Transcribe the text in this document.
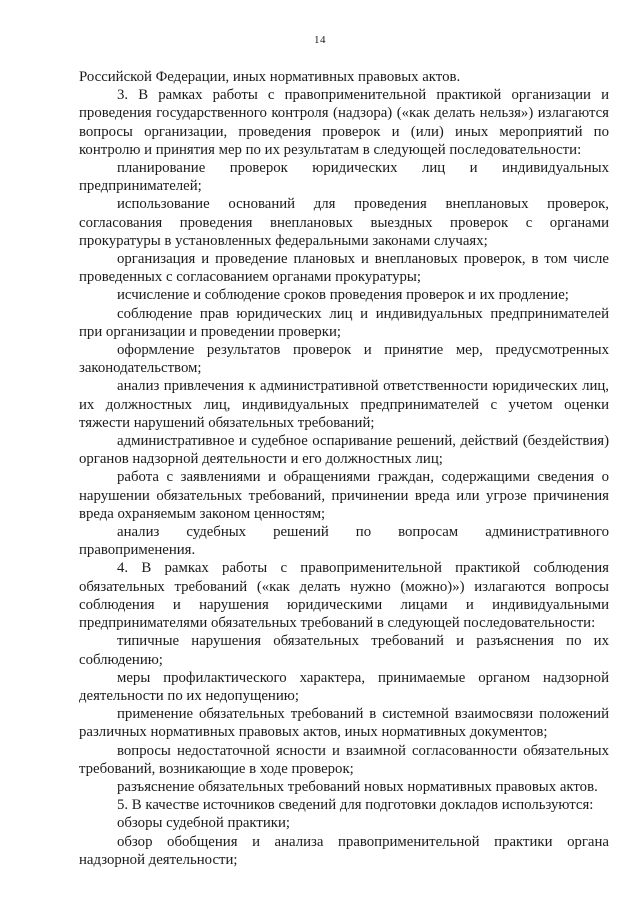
14

Российской Федерации, иных нормативных правовых актов.

3. В рамках работы с правоприменительной практикой организации и проведения государственного контроля (надзора) («как делать нельзя») излагаются вопросы организации, проведения проверок и (или) иных мероприятий по контролю и принятия мер по их результатам в следующей последовательности:

планирование проверок юридических лиц и индивидуальных предпринимателей;

использование оснований для проведения внеплановых проверок, согласования проведения внеплановых выездных проверок с органами прокуратуры в установленных федеральными законами случаях;

организация и проведение плановых и внеплановых проверок, в том числе проведенных с согласованием органами прокуратуры;

исчисление и соблюдение сроков проведения проверок и их продление;

соблюдение прав юридических лиц и индивидуальных предпринимателей при организации и проведении проверки;

оформление результатов проверок и принятие мер, предусмотренных законодательством;

анализ привлечения к административной ответственности юридических лиц, их должностных лиц, индивидуальных предпринимателей с учетом оценки тяжести нарушений обязательных требований;

административное и судебное оспаривание решений, действий (бездействия) органов надзорной деятельности и его должностных лиц;

работа с заявлениями и обращениями граждан, содержащими сведения о нарушении обязательных требований, причинении вреда или угрозе причинения вреда охраняемым законом ценностям;

анализ судебных решений по вопросам административного правоприменения.

4. В рамках работы с правоприменительной практикой соблюдения обязательных требований («как делать нужно (можно)») излагаются вопросы соблюдения и нарушения юридическими лицами и индивидуальными предпринимателями обязательных требований в следующей последовательности:

типичные нарушения обязательных требований и разъяснения по их соблюдению;

меры профилактического характера, принимаемые органом надзорной деятельности по их недопущению;

применение обязательных требований в системной взаимосвязи положений различных нормативных правовых актов, иных нормативных документов;

вопросы недостаточной ясности и взаимной согласованности обязательных требований, возникающие в ходе проверок;

разъяснение обязательных требований новых нормативных правовых актов.

5. В качестве источников сведений для подготовки докладов используются:

обзоры судебной практики;

обзор обобщения и анализа правоприменительной практики органа надзорной деятельности;
